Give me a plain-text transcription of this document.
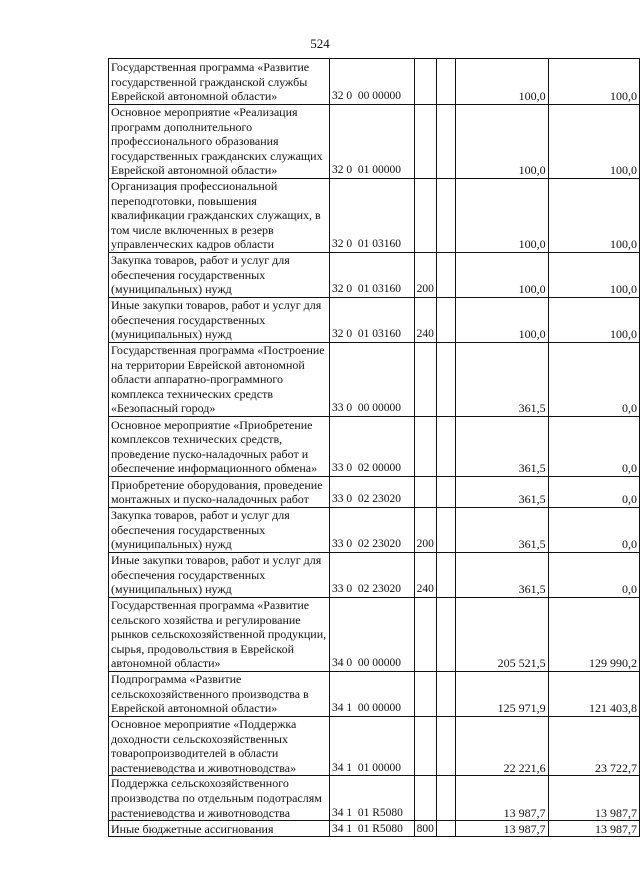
524
Государственная программа «Развитие государственной гражданской службы Еврейской автономной области»	32 0  00 00000			100,0	100,0
Основное мероприятие «Реализация программ дополнительного профессионального образования государственных гражданских служащих Еврейской автономной области»	32 0  01 00000			100,0	100,0
Организация профессиональной переподготовки, повышения квалификации гражданских служащих, в том числе включенных в резерв управленческих кадров области	32 0  01 03160			100,0	100,0
Закупка товаров, работ и услуг для обеспечения государственных (муниципальных) нужд	32 0  01 03160	200		100,0	100,0
Иные закупки товаров, работ и услуг для обеспечения государственных (муниципальных) нужд	32 0  01 03160	240		100,0	100,0
Государственная программа «Построение на территории Еврейской автономной области аппаратно-программного комплекса технических средств «Безопасный город»	33 0  00 00000			361,5	0,0
Основное мероприятие «Приобретение комплексов технических средств, проведение пуско-наладочных работ и обеспечение информационного обмена»	33 0  02 00000			361,5	0,0
Приобретение оборудования, проведение монтажных и пуско-наладочных работ	33 0  02 23020			361,5	0,0
Закупка товаров, работ и услуг для обеспечения государственных (муниципальных) нужд	33 0  02 23020	200		361,5	0,0
Иные закупки товаров, работ и услуг для обеспечения государственных (муниципальных) нужд	33 0  02 23020	240		361,5	0,0
Государственная программа «Развитие сельского хозяйства и регулирование рынков сельскохозяйственной продукции, сырья, продовольствия в Еврейской автономной области»	34 0  00 00000			205 521,5	129 990,2
Подпрограмма «Развитие сельскохозяйственного производства в Еврейской автономной области»	34 1  00 00000			125 971,9	121 403,8
Основное мероприятие «Поддержка доходности сельскохозяйственных товаропроизводителей в области растениеводства и животноводства»	34 1  01 00000			22 221,6	23 722,7
Поддержка сельскохозяйственного производства по отдельным подотраслям растениеводства и животноводства	34 1  01 R5080			13 987,7	13 987,7
Иные бюджетные ассигнования	34 1  01 R5080	800		13 987,7	13 987,7
